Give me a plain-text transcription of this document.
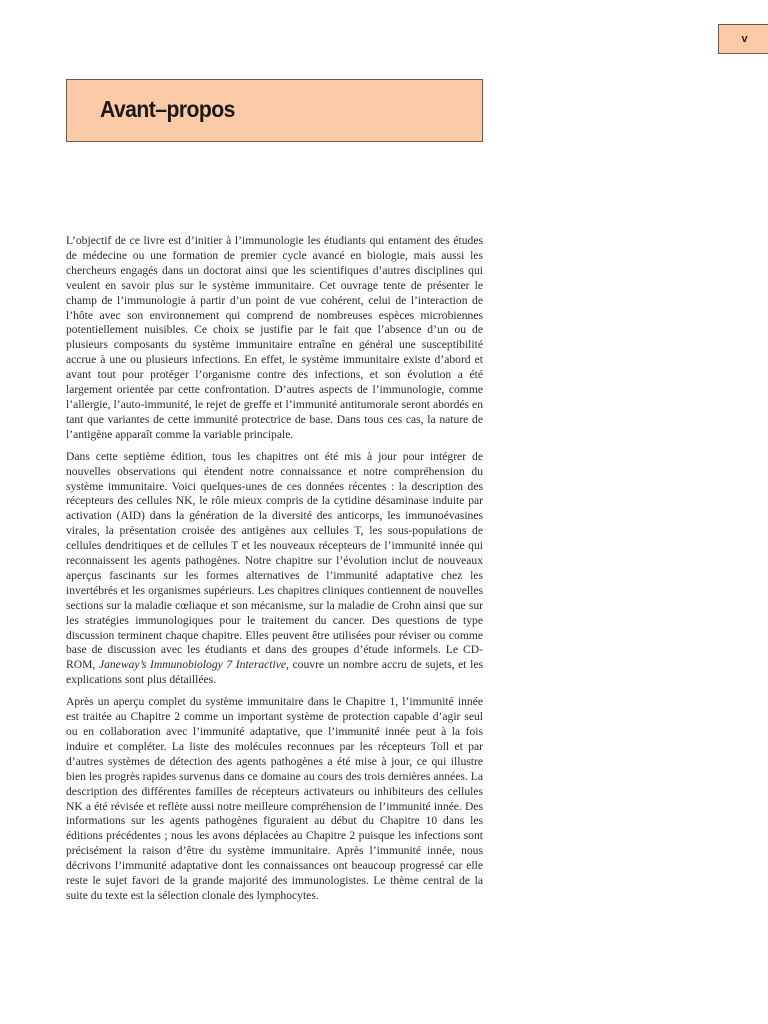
v
Avant–propos

L’objectif de ce livre est d’initier à l’immunologie les étudiants qui entament des études de médecine ou une formation de premier cycle avancé en biologie, mais aussi les chercheurs engagés dans un doctorat ainsi que les scientifiques d’autres disciplines qui veulent en savoir plus sur le système immunitaire. Cet ouvrage tente de présenter le champ de l’immunologie à partir d’un point de vue cohérent, celui de l’interaction de l’hôte avec son environnement qui comprend de nombreuses espèces microbiennes potentiellement nuisibles. Ce choix se justifie par le fait que l’absence d’un ou de plusieurs composants du système immunitaire entraîne en général une susceptibilité accrue à une ou plusieurs infections. En effet, le système immunitaire existe d’abord et avant tout pour protéger l’organisme contre des infections, et son évolution a été largement orientée par cette confrontation. D’autres aspects de l’immunologie, comme l’allergie, l’auto-immunité, le rejet de greffe et l’immunité antitumorale seront abordés en tant que variantes de cette immunité protectrice de base. Dans tous ces cas, la nature de l’antigène apparaît comme la variable principale.

Dans cette septième édition, tous les chapitres ont été mis à jour pour intégrer de nouvelles observations qui étendent notre connaissance et notre compréhension du système immunitaire. Voici quelques-unes de ces données récentes : la description des récepteurs des cellules NK, le rôle mieux compris de la cytidine désaminase induite par activation (AID) dans la génération de la diversité des anticorps, les immunoévasines virales, la présentation croisée des antigènes aux cellules T, les sous-populations de cellules dendritiques et de cellules T et les nouveaux récepteurs de l’immunité innée qui reconnaissent les agents pathogènes. Notre chapitre sur l’évolution inclut de nouveaux aperçus fascinants sur les formes alternatives de l’immunité adaptative chez les invertébrés et les organismes supérieurs. Les chapitres cliniques contiennent de nouvelles sections sur la maladie cœliaque et son mécanisme, sur la maladie de Crohn ainsi que sur les stratégies immunologiques pour le traitement du cancer. Des questions de type discussion terminent chaque chapitre. Elles peuvent être utilisées pour réviser ou comme base de discussion avec les étudiants et dans des groupes d’étude informels. Le CD-ROM, Janeway’s Immunobiology 7 Interactive, couvre un nombre accru de sujets, et les explications sont plus détaillées.

Après un aperçu complet du système immunitaire dans le Chapitre 1, l’immunité innée est traitée au Chapitre 2 comme un important système de protection capable d’agir seul ou en collaboration avec l’immunité adaptative, que l’immunité innée peut à la fois induire et compléter. La liste des molécules reconnues par les récepteurs Toll et par d’autres systèmes de détection des agents pathogènes a été mise à jour, ce qui illustre bien les progrès rapides survenus dans ce domaine au cours des trois dernières années. La description des différentes familles de récepteurs activateurs ou inhibiteurs des cellules NK a été révisée et reflète aussi notre meilleure compréhension de l’immunité innée. Des informations sur les agents pathogènes figuraient au début du Chapitre 10 dans les éditions précédentes ; nous les avons déplacées au Chapitre 2 puisque les infections sont précisément la raison d’être du système immunitaire. Après l’immunité innée, nous décrivons l’immunité adaptative dont les connaissances ont beaucoup progressé car elle reste le sujet favori de la grande majorité des immunologistes. Le thème central de la suite du texte est la sélection clonale des lymphocytes.
